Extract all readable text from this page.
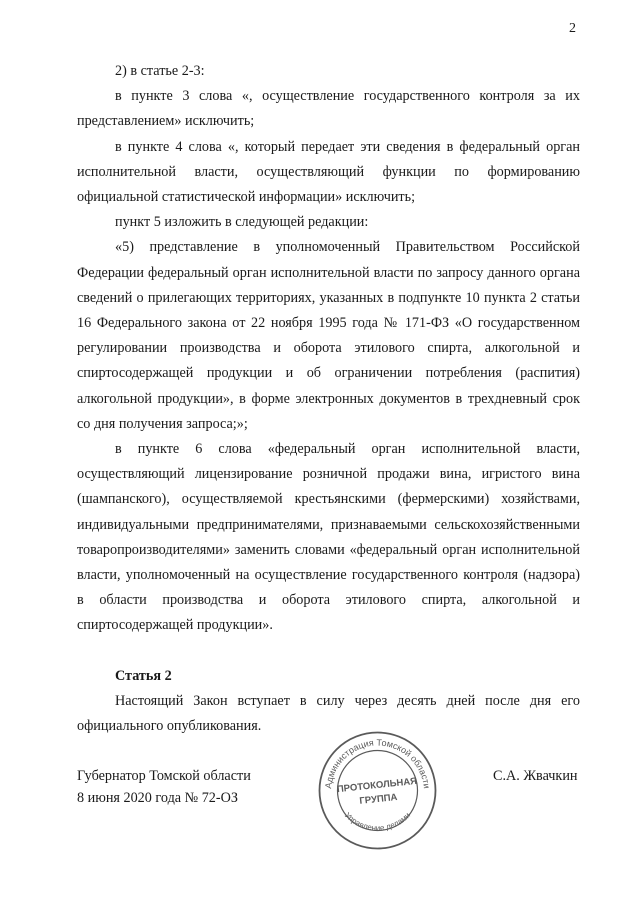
2

2) в статье 2-3:

в пункте 3 слова «, осуществление государственного контроля за их представлением» исключить;

в пункте 4 слова «, который передает эти сведения в федеральный орган исполнительной власти, осуществляющий функции по формированию официальной статистической информации» исключить;

пункт 5 изложить в следующей редакции:

«5) представление в уполномоченный Правительством Российской Федерации федеральный орган исполнительной власти по запросу данного органа сведений о прилегающих территориях, указанных в подпункте 10 пункта 2 статьи 16 Федерального закона от 22 ноября 1995 года № 171-ФЗ «О государственном регулировании производства и оборота этилового спирта, алкогольной и спиртосодержащей продукции и об ограничении потребления (распития) алкогольной продукции», в форме электронных документов в трехдневный срок со дня получения запроса;»;

в пункте 6 слова «федеральный орган исполнительной власти, осуществляющий лицензирование розничной продажи вина, игристого вина (шампанского), осуществляемой крестьянскими (фермерскими) хозяйствами, индивидуальными предпринимателями, признаваемыми сельскохозяйственными товаропроизводителями» заменить словами «федеральный орган исполнительной власти, уполномоченный на осуществление государственного контроля (надзора) в области производства и оборота этилового спирта, алкогольной и спиртосодержащей продукции».

Статья 2

Настоящий Закон вступает в силу через десять дней после дня его официального опубликования.

Губернатор Томской области
8 июня 2020 года № 72-ОЗ
С.А. Жвачкин
Администрация Томской области
Управление делами
ПРОТОКОЛЬНАЯ
ГРУППА
